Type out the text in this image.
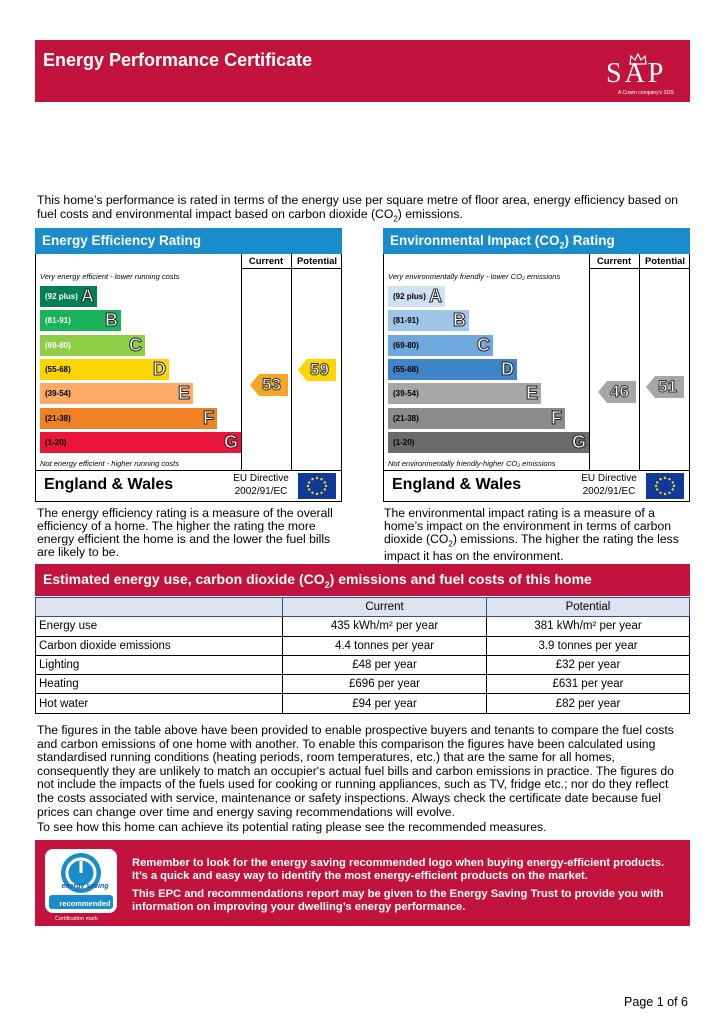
Energy Performance Certificate	SAP
A Crown company's SOS
This home’s performance is rated in terms of the energy use per square metre of floor area, energy efficiency based on fuel costs and environmental impact based on carbon dioxide $(CO_2)$ emissions.
Energy Efficiency Rating
Current	Potential
Very energy efficient - lower running costs
(92 plus) A
(81-91) B
(69-80)	C
(55-68)	D
(39-54)	E
(21-38)	F
(1-20)	G
Not energy efficient - higher running costs
53
59
England & Wales	EU Directive
2002/91/EC
Environmental Impact $(CO_2)$ Rating
Current	Potential
Very environmentally friendly - lower CO₂ emissions
(92 plus) A
(81-91) B
(69-80)	C
(55-68)	D
(39-54)	E
(21-38)	F
(1-20)	G
Not environmentally friendly-higher CO₂ emissions
46 51
England & Wales	EU Directive
2002/91/EC
The energy efficiency rating is a measure of the overall efficiency of a home. The higher the rating the more energy efficient the home is and the lower the fuel bills are likely to be.
The environmental impact rating is a measure of a home’s impact on the environment in terms of carbon dioxide $(CO_2)$ emissions. The higher the rating the less impact it has on the environment.
Estimated energy use, carbon dioxide $(CO_2)$ emissions and fuel costs of this home
	Current	Potential
Energy use	435 kWh/m² per year	381 kWh/m² per year
Carbon dioxide emissions	4.4 tonnes per year	3.9 tonnes per year
Lighting	£48 per year	£32 per year
Heating	£696 per year	£631 per year
Hot water	£94 per year	£82 per year
The figures in the table above have been provided to enable prospective buyers and tenants to compare the fuel costs and carbon emissions of one home with another. To enable this comparison the figures have been calculated using standardised running conditions (heating periods, room temperatures, etc.) that are the same for all homes, consequently they are unlikely to match an occupier's actual fuel bills and carbon emissions in practice. The figures do not include the impacts of the fuels used for cooking or running appliances, such as TV, fridge etc.; nor do they reflect the costs associated with service, maintenance or safety inspections. Always check the certificate date because fuel prices can change over time and energy saving recommendations will evolve.
To see how this home can achieve its potential rating please see the recommended measures.
energy saving
recommended
Certification mark
Remember to look for the energy saving recommended logo when buying energy-efficient products. It’s a quick and easy way to identify the most energy-efficient products on the market.
This EPC and recommendations report may be given to the Energy Saving Trust to provide you with information on improving your dwelling’s energy performance.
Page 1 of 6
